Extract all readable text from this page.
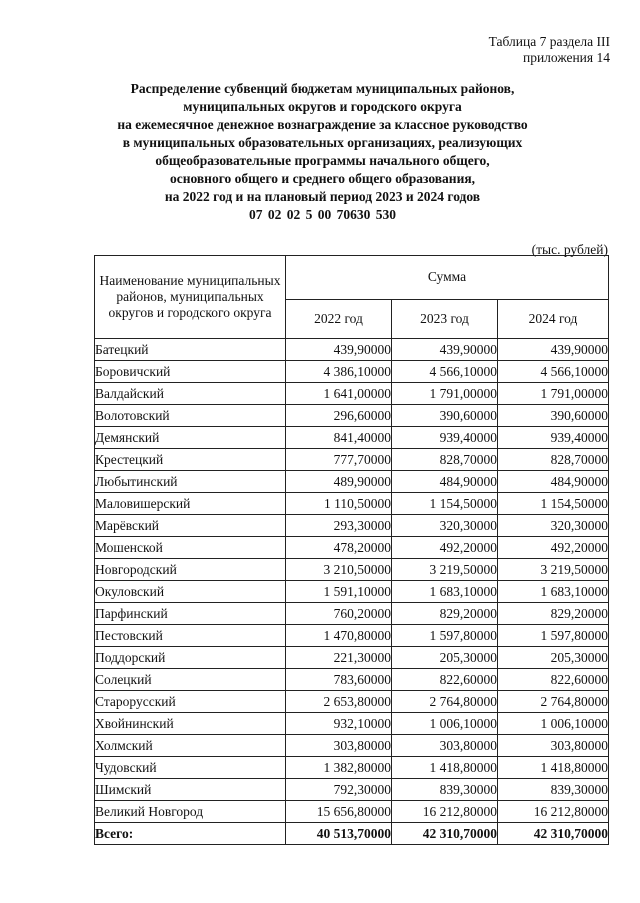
Таблица 7 раздела III
приложения 14
Распределение субвенций бюджетам муниципальных районов,
муниципальных округов и городского округа
на ежемесячное денежное вознаграждение за классное руководство
в муниципальных образовательных организациях, реализующих
общеобразовательные программы начального общего,
основного общего и среднего общего образования,
на 2022 год и на плановый период 2023 и 2024 годов
07 02 02 5 00 70630 530
(тыс. рублей)
Наименование муниципальных районов, муниципальных округов и городского округа	Сумма		
	2022 год	2023 год	2024 год
Батецкий	439,90000	439,90000	439,90000
Боровичский	4 386,10000	4 566,10000	4 566,10000
Валдайский	1 641,00000	1 791,00000	1 791,00000
Волотовский	296,60000	390,60000	390,60000
Демянский	841,40000	939,40000	939,40000
Крестецкий	777,70000	828,70000	828,70000
Любытинский	489,90000	484,90000	484,90000
Маловишерский	1 110,50000	1 154,50000	1 154,50000
Марёвский	293,30000	320,30000	320,30000
Мошенской	478,20000	492,20000	492,20000
Новгородский	3 210,50000	3 219,50000	3 219,50000
Окуловский	1 591,10000	1 683,10000	1 683,10000
Парфинский	760,20000	829,20000	829,20000
Пестовский	1 470,80000	1 597,80000	1 597,80000
Поддорский	221,30000	205,30000	205,30000
Солецкий	783,60000	822,60000	822,60000
Старорусский	2 653,80000	2 764,80000	2 764,80000
Хвойнинский	932,10000	1 006,10000	1 006,10000
Холмский	303,80000	303,80000	303,80000
Чудовский	1 382,80000	1 418,80000	1 418,80000
Шимский	792,30000	839,30000	839,30000
Великий Новгород	15 656,80000	16 212,80000	16 212,80000
Всего:	40 513,70000	42 310,70000	42 310,70000
